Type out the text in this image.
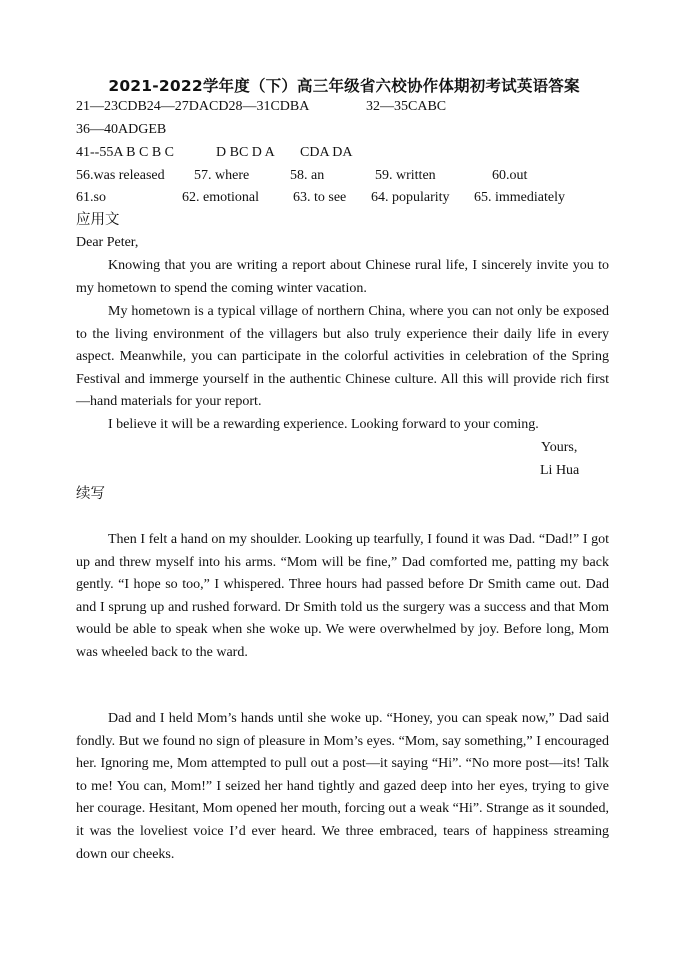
2021-2022学年度（下）高三年级省六校协作体期初考试英语答案
21—23CDB24—27DACD28—31CDBA	32—35CABC
36—40ADGEB
41--55A B C B C	D BC D A CDA DA
56.was released 57. where	58. an	59. written	60.out
61.so	62. emotional 63. to see 64. popularity 65. immediately
应用文
Dear Peter,

Knowing that you are writing a report about Chinese rural life, I sincerely invite you to my hometown to spend the coming winter vacation.

My hometown is a typical village of northern China, where you can not only be exposed to the living environment of the villagers but also truly experience their daily life in every aspect. Meanwhile, you can participate in the colorful activities in celebration of the Spring Festival and immerge yourself in the authentic Chinese culture. All this will provide rich first —hand materials for your report.

I believe it will be a rewarding experience. Looking forward to your coming.

Yours,
Li Hua
续写

Then I felt a hand on my shoulder. Looking up tearfully, I found it was Dad. “Dad!” I got up and threw myself into his arms. “Mom will be fine,” Dad comforted me, patting my back gently. “I hope so too,” I whispered. Three hours had passed before Dr Smith came out. Dad and I sprung up and rushed forward. Dr Smith told us the surgery was a success and that Mom would be able to speak when she woke up. We were overwhelmed by joy. Before long, Mom was wheeled back to the ward.

Dad and I held Mom’s hands until she woke up. “Honey, you can speak now,” Dad said fondly. But we found no sign of pleasure in Mom’s eyes. “Mom, say something,” I encouraged her. Ignoring me, Mom attempted to pull out a post—it saying “Hi”. “No more post—its! Talk to me! You can, Mom!” I seized her hand tightly and gazed deep into her eyes, trying to give her courage. Hesitant, Mom opened her mouth, forcing out a weak “Hi”. Strange as it sounded, it was the loveliest voice I’d ever heard. We three embraced, tears of happiness streaming down our cheeks.
